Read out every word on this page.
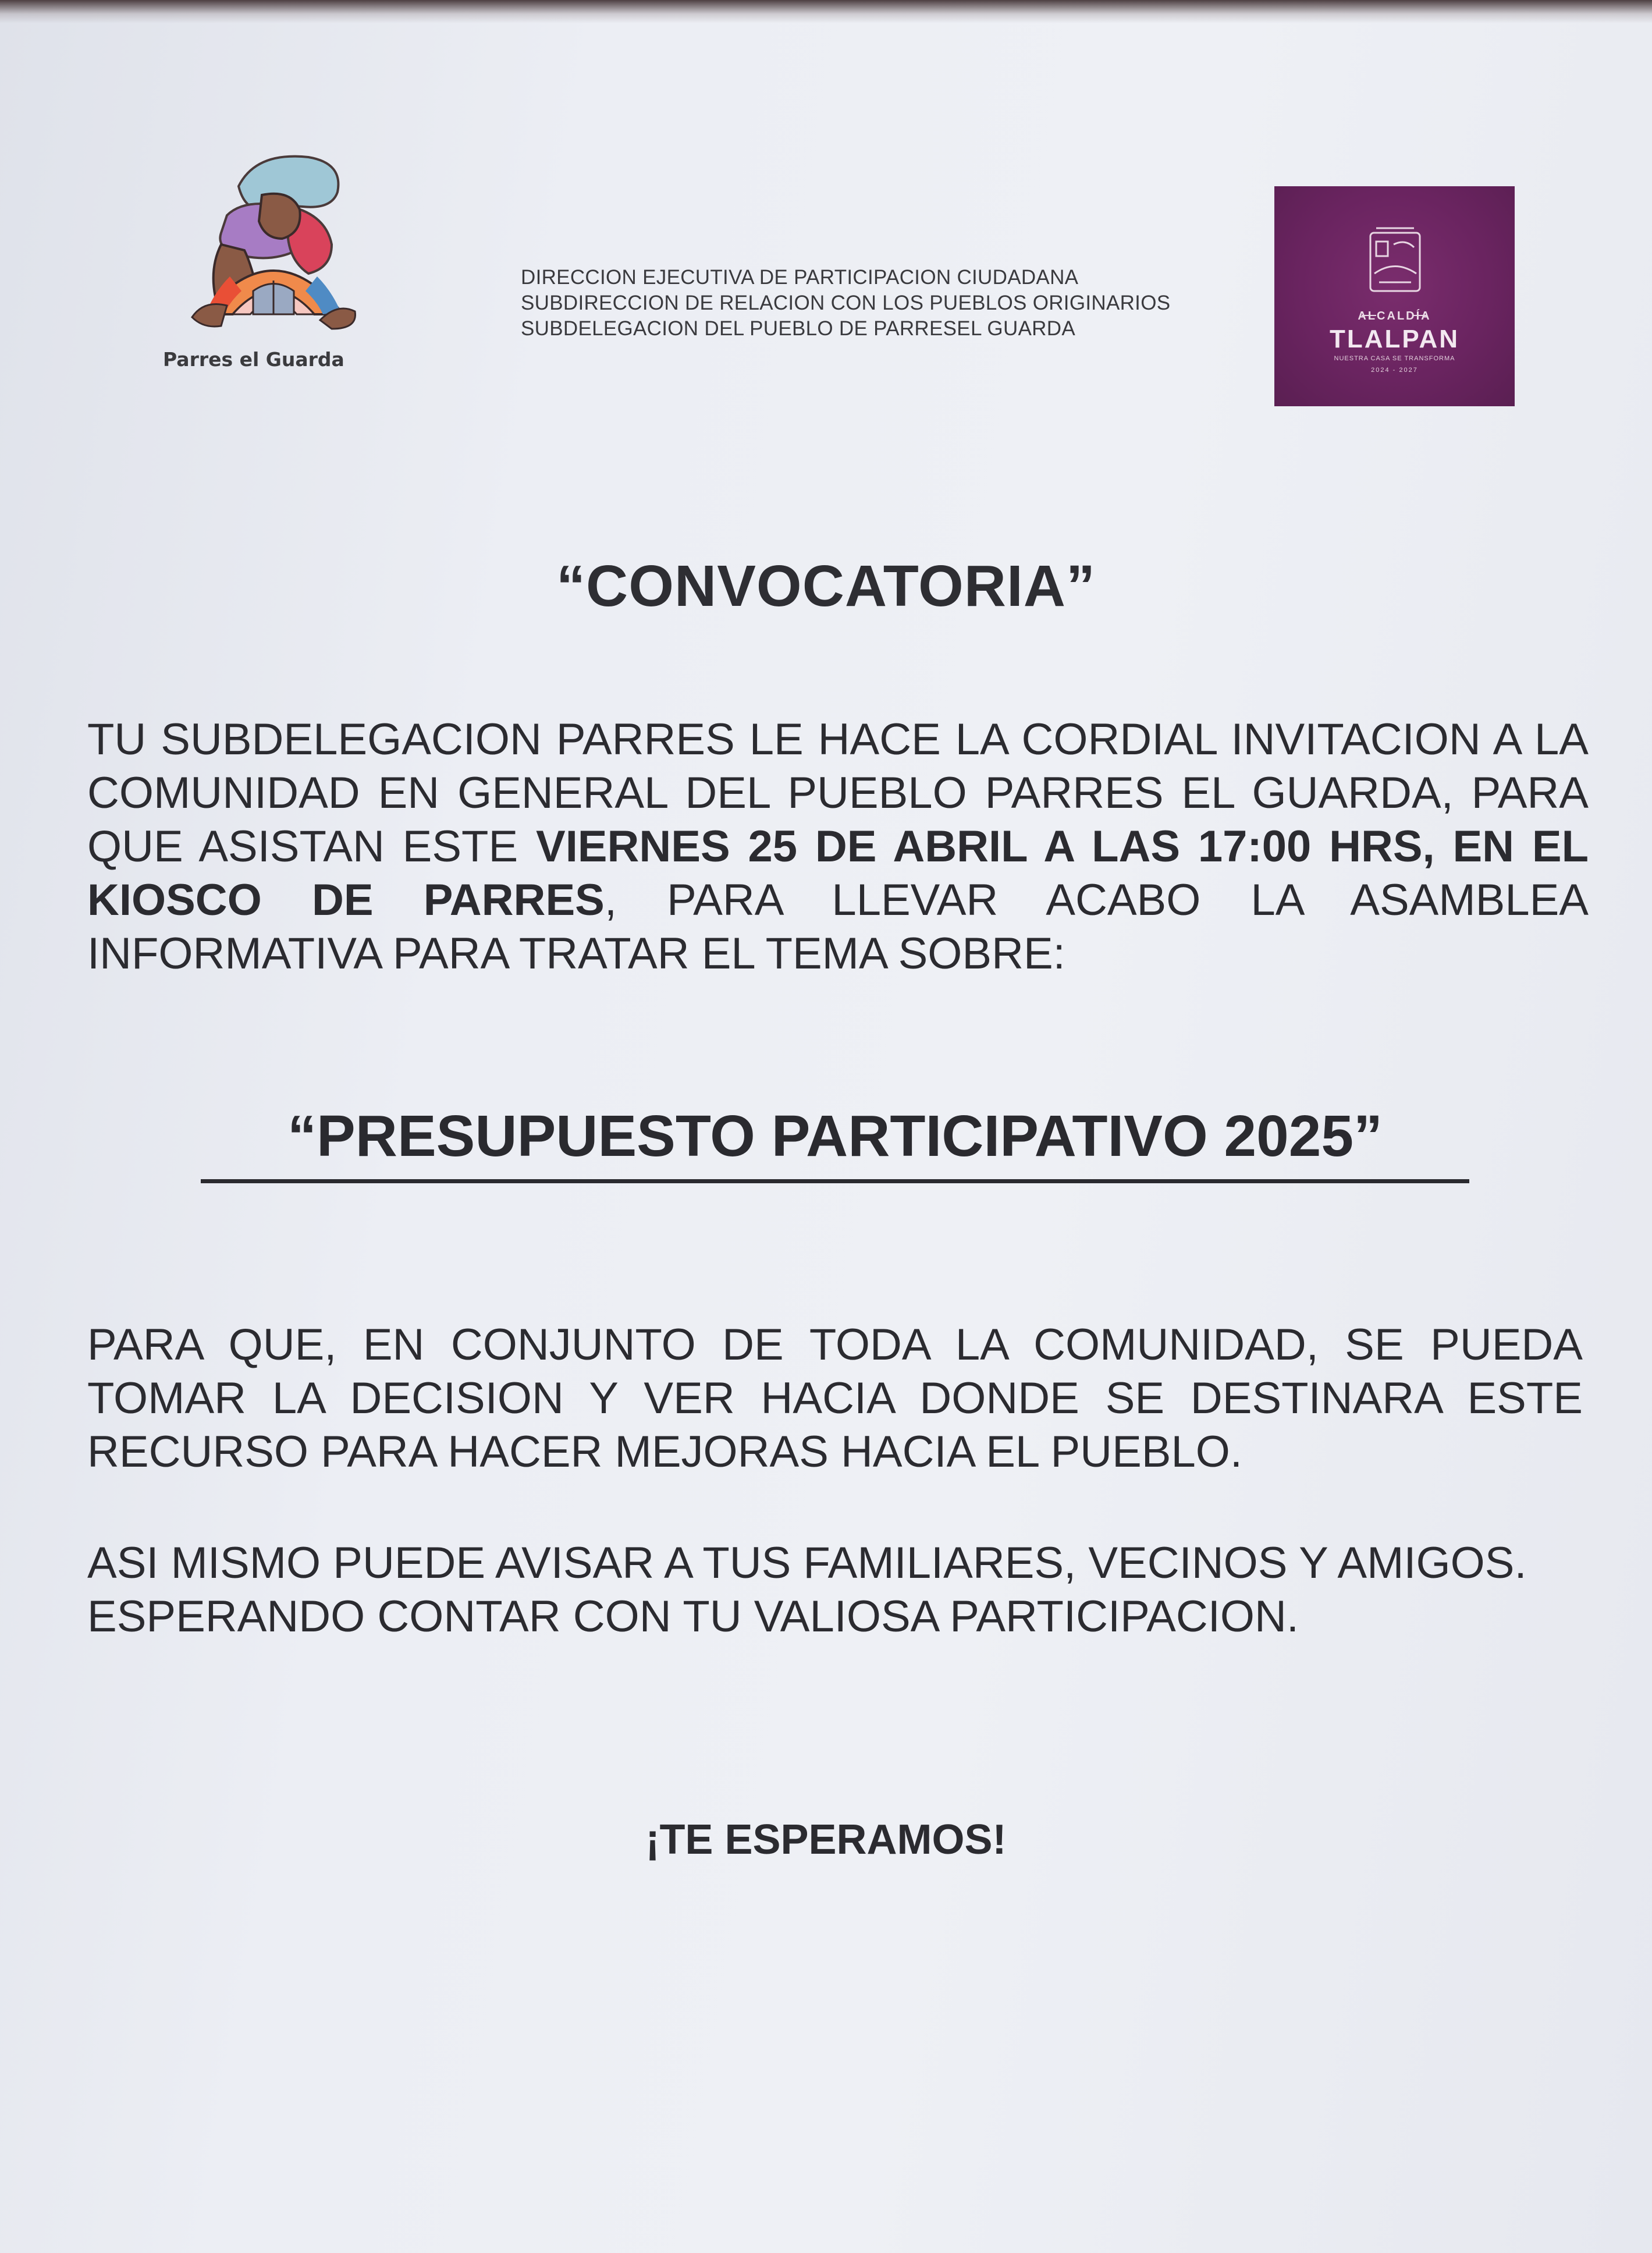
Parres el Guarda
DIRECCION EJECUTIVA DE PARTICIPACION CIUDADANA
SUBDIRECCION DE RELACION CON LOS PUEBLOS ORIGINARIOS
SUBDELEGACION DEL PUEBLO DE PARRESEL GUARDA
ALCALDÍA
TLALPAN
NUESTRA CASA SE TRANSFORMA
2024 - 2027
“CONVOCATORIA”
TU SUBDELEGACION PARRES LE HACE LA CORDIAL INVITACION A LA
COMUNIDAD EN GENERAL DEL PUEBLO PARRES EL GUARDA, PARA
QUE ASISTAN ESTE VIERNES 25 DE ABRIL A LAS 17:00 HRS, EN EL
KIOSCO DE PARRES, PARA LLEVAR ACABO LA ASAMBLEA
INFORMATIVA PARA TRATAR EL TEMA SOBRE:
“PRESUPUESTO PARTICIPATIVO 2025”
PARA QUE, EN CONJUNTO DE TODA LA COMUNIDAD, SE PUEDA
TOMAR LA DECISION Y VER HACIA DONDE SE DESTINARA ESTE
RECURSO PARA HACER MEJORAS HACIA EL PUEBLO.
ASI MISMO PUEDE AVISAR A TUS FAMILIARES, VECINOS Y AMIGOS.
ESPERANDO CONTAR CON TU VALIOSA PARTICIPACION.
¡TE ESPERAMOS!
